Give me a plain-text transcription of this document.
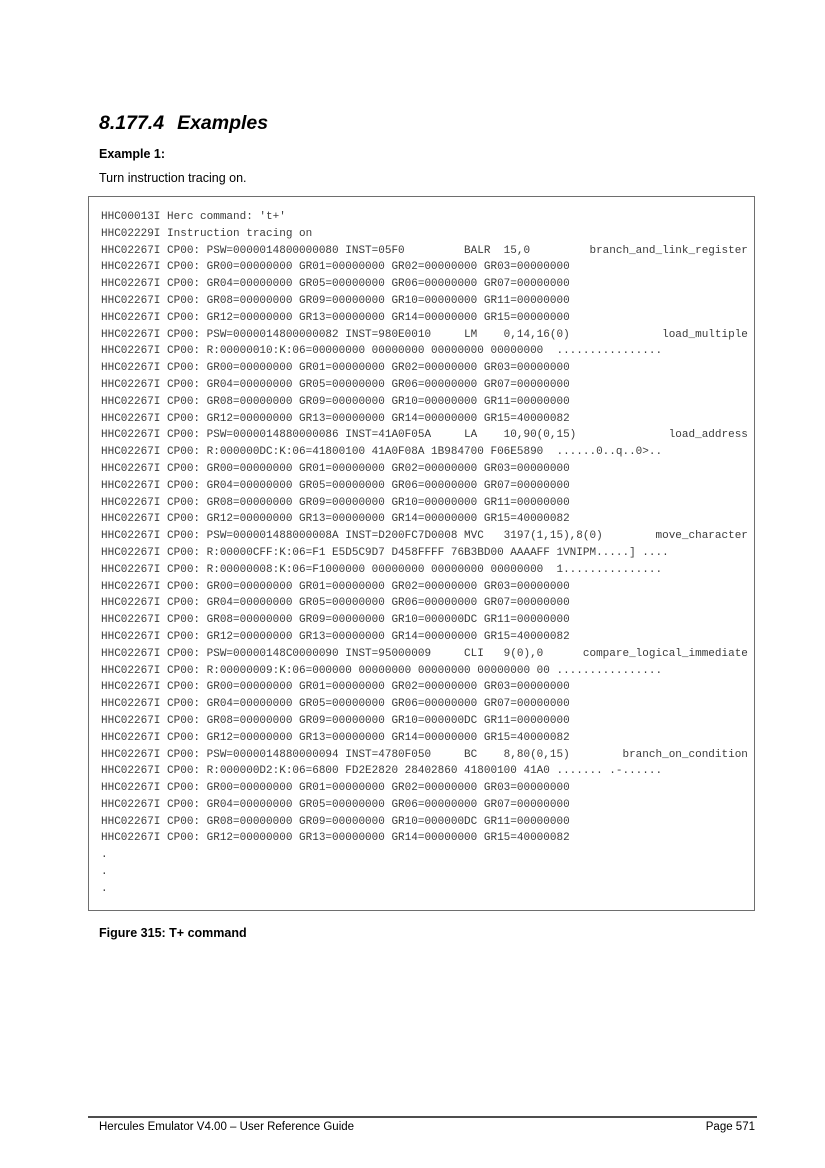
8.177.4 Examples
Example 1:
Turn instruction tracing on.
HHC00013I Herc command: 't+'
HHC02229I Instruction tracing on
HHC02267I CP00: PSW=0000014800000080 INST=05F0         BALR  15,0         branch_and_link_register
HHC02267I CP00: GR00=00000000 GR01=00000000 GR02=00000000 GR03=00000000
HHC02267I CP00: GR04=00000000 GR05=00000000 GR06=00000000 GR07=00000000
HHC02267I CP00: GR08=00000000 GR09=00000000 GR10=00000000 GR11=00000000
HHC02267I CP00: GR12=00000000 GR13=00000000 GR14=00000000 GR15=00000000
HHC02267I CP00: PSW=0000014800000082 INST=980E0010     LM    0,14,16(0)              load_multiple
HHC02267I CP00: R:00000010:K:06=00000000 00000000 00000000 00000000  ................
HHC02267I CP00: GR00=00000000 GR01=00000000 GR02=00000000 GR03=00000000
HHC02267I CP00: GR04=00000000 GR05=00000000 GR06=00000000 GR07=00000000
HHC02267I CP00: GR08=00000000 GR09=00000000 GR10=00000000 GR11=00000000
HHC02267I CP00: GR12=00000000 GR13=00000000 GR14=00000000 GR15=40000082
HHC02267I CP00: PSW=0000014880000086 INST=41A0F05A     LA    10,90(0,15)              load_address
HHC02267I CP00: R:000000DC:K:06=41800100 41A0F08A 1B984700 F06E5890  ......0..q..0>..
HHC02267I CP00: GR00=00000000 GR01=00000000 GR02=00000000 GR03=00000000
HHC02267I CP00: GR04=00000000 GR05=00000000 GR06=00000000 GR07=00000000
HHC02267I CP00: GR08=00000000 GR09=00000000 GR10=00000000 GR11=00000000
HHC02267I CP00: GR12=00000000 GR13=00000000 GR14=00000000 GR15=40000082
HHC02267I CP00: PSW=000001488000008A INST=D200FC7D0008 MVC   3197(1,15),8(0)        move_character
HHC02267I CP00: R:00000CFF:K:06=F1 E5D5C9D7 D458FFFF 76B3BD00 AAAAFF 1VNIPM.....] ....
HHC02267I CP00: R:00000008:K:06=F1000000 00000000 00000000 00000000  1...............
HHC02267I CP00: GR00=00000000 GR01=00000000 GR02=00000000 GR03=00000000
HHC02267I CP00: GR04=00000000 GR05=00000000 GR06=00000000 GR07=00000000
HHC02267I CP00: GR08=00000000 GR09=00000000 GR10=000000DC GR11=00000000
HHC02267I CP00: GR12=00000000 GR13=00000000 GR14=00000000 GR15=40000082
HHC02267I CP00: PSW=00000148C0000090 INST=95000009     CLI   9(0),0      compare_logical_immediate
HHC02267I CP00: R:00000009:K:06=000000 00000000 00000000 00000000 00 ................
HHC02267I CP00: GR00=00000000 GR01=00000000 GR02=00000000 GR03=00000000
HHC02267I CP00: GR04=00000000 GR05=00000000 GR06=00000000 GR07=00000000
HHC02267I CP00: GR08=00000000 GR09=00000000 GR10=000000DC GR11=00000000
HHC02267I CP00: GR12=00000000 GR13=00000000 GR14=00000000 GR15=40000082
HHC02267I CP00: PSW=0000014880000094 INST=4780F050     BC    8,80(0,15)        branch_on_condition
HHC02267I CP00: R:000000D2:K:06=6800 FD2E2820 28402860 41800100 41A0 ....... .-......
HHC02267I CP00: GR00=00000000 GR01=00000000 GR02=00000000 GR03=00000000
HHC02267I CP00: GR04=00000000 GR05=00000000 GR06=00000000 GR07=00000000
HHC02267I CP00: GR08=00000000 GR09=00000000 GR10=000000DC GR11=00000000
HHC02267I CP00: GR12=00000000 GR13=00000000 GR14=00000000 GR15=40000082
.
.
.
Figure 315: T+ command
Hercules Emulator V4.00 – User Reference Guide	Page 571
